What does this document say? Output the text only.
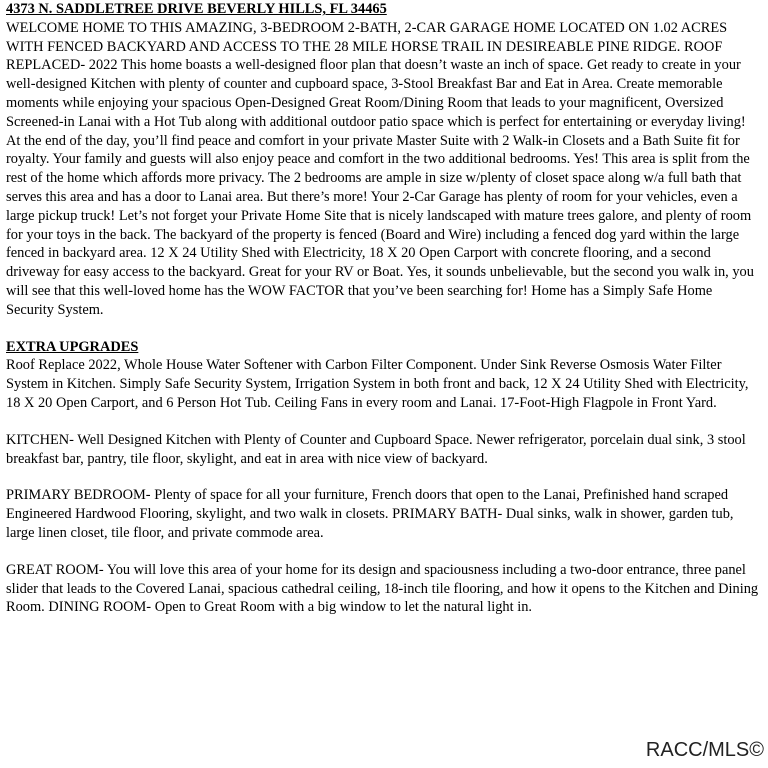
4373 N. SADDLETREE DRIVE BEVERLY HILLS, FL 34465

WELCOME HOME TO THIS AMAZING, 3-BEDROOM 2-BATH, 2-CAR GARAGE HOME LOCATED ON 1.02 ACRES WITH FENCED BACKYARD AND ACCESS TO THE 28 MILE HORSE TRAIL IN DESIREABLE PINE RIDGE. ROOF REPLACED- 2022 This home boasts a well-designed floor plan that doesn’t waste an inch of space. Get ready to create in your well-designed Kitchen with plenty of counter and cupboard space, 3-Stool Breakfast Bar and Eat in Area. Create memorable moments while enjoying your spacious Open-Designed Great Room/Dining Room that leads to your magnificent, Oversized Screened-in Lanai with a Hot Tub along with additional outdoor patio space which is perfect for entertaining or everyday living! At the end of the day, you’ll find peace and comfort in your private Master Suite with 2 Walk-in Closets and a Bath Suite fit for royalty. Your family and guests will also enjoy peace and comfort in the two additional bedrooms. Yes! This area is split from the rest of the home which affords more privacy. The 2 bedrooms are ample in size w/plenty of closet space along w/a full bath that serves this area and has a door to Lanai area. But there’s more! Your 2-Car Garage has plenty of room for your vehicles, even a large pickup truck! Let’s not forget your Private Home Site that is nicely landscaped with mature trees galore, and plenty of room for your toys in the back. The backyard of the property is fenced (Board and Wire) including a fenced dog yard within the large fenced in backyard area. 12 X 24 Utility Shed with Electricity, 18 X 20 Open Carport with concrete flooring, and a second driveway for easy access to the backyard. Great for your RV or Boat. Yes, it sounds unbelievable, but the second you walk in, you will see that this well-loved home has the WOW FACTOR that you’ve been searching for! Home has a Simply Safe Home Security System.

EXTRA UPGRADES

Roof Replace 2022, Whole House Water Softener with Carbon Filter Component. Under Sink Reverse Osmosis Water Filter System in Kitchen. Simply Safe Security System, Irrigation System in both front and back, 12 X 24 Utility Shed with Electricity, 18 X 20 Open Carport, and 6 Person Hot Tub. Ceiling Fans in every room and Lanai. 17-Foot-High Flagpole in Front Yard.

KITCHEN- Well Designed Kitchen with Plenty of Counter and Cupboard Space. Newer refrigerator, porcelain dual sink, 3 stool breakfast bar, pantry, tile floor, skylight, and eat in area with nice view of backyard.

PRIMARY BEDROOM- Plenty of space for all your furniture, French doors that open to the Lanai, Prefinished hand scraped Engineered Hardwood Flooring, skylight, and two walk in closets. PRIMARY BATH- Dual sinks, walk in shower, garden tub, large linen closet, tile floor, and private commode area.

GREAT ROOM- You will love this area of your home for its design and spaciousness including a two-door entrance, three panel slider that leads to the Covered Lanai, spacious cathedral ceiling, 18-inch tile flooring, and how it opens to the Kitchen and Dining Room. DINING ROOM- Open to Great Room with a big window to let the natural light in.

RACC/MLS©
